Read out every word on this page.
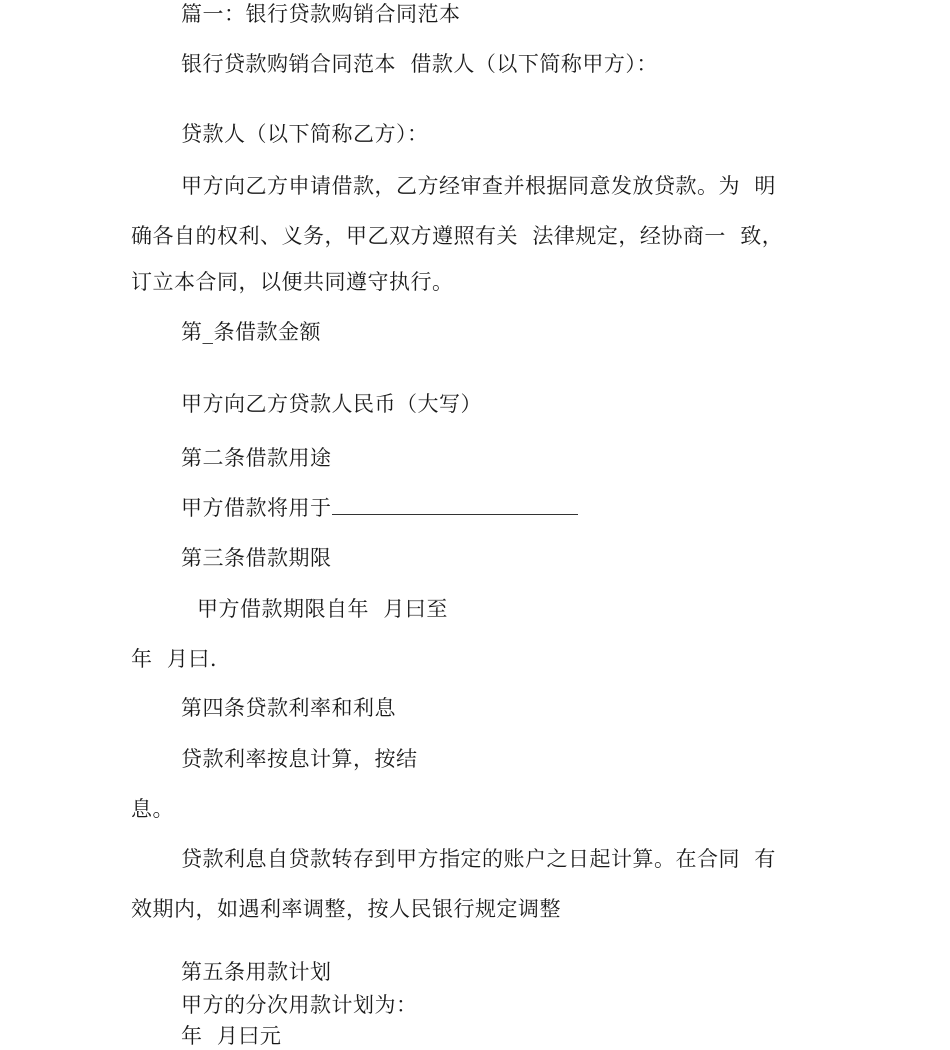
篇一：银行贷款购销合同范本
银行贷款购销合同范本  借款人（以下简称甲方）：
贷款人（以下简称乙方）：
甲方向乙方申请借款，乙方经审查并根据同意发放贷款。为  明
确各自的权利、义务，甲乙双方遵照有关  法律规定，经协商一  致，
订立本合同，以便共同遵守执行。
第_条借款金额
甲方向乙方贷款人民币（大写）
第二条借款用途
甲方借款将用于
第三条借款期限
甲方借款期限自年  月曰至
年  月曰.
第四条贷款利率和利息
贷款利率按息计算，按结
息。
贷款利息自贷款转存到甲方指定的账户之日起计算。在合同  有
效期内，如遇利率调整，按人民银行规定调整
第五条用款计划
甲方的分次用款计划为：
年  月曰元
